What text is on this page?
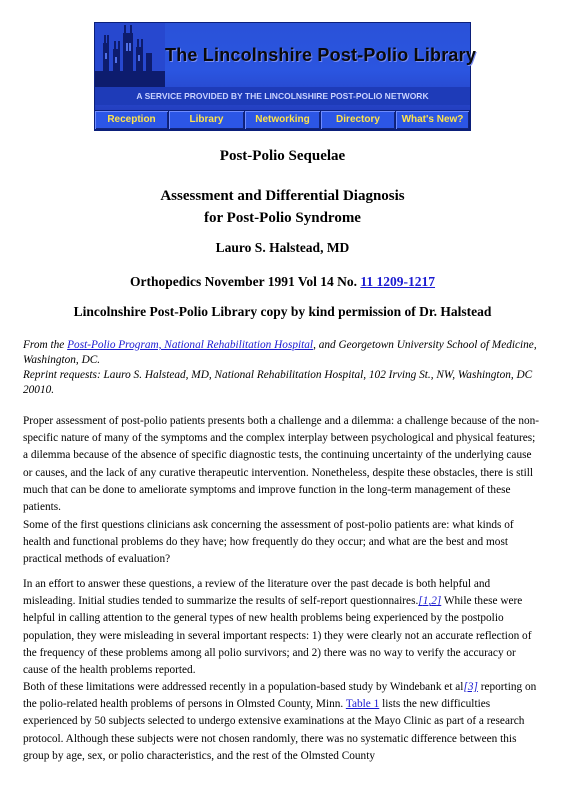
The Lincolnshire Post-Polio Library
A SERVICE PROVIDED BY THE LINCOLNSHIRE POST-POLIO NETWORK
Reception	Library	Networking	Directory	What's New?
Post-Polio Sequelae
Assessment and Differential Diagnosis
for Post-Polio Syndrome
Lauro S. Halstead, MD
Orthopedics November 1991 Vol 14 No. 11 1209-1217
Lincolnshire Post-Polio Library copy by kind permission of Dr. Halstead
From the Post-Polio Program, National Rehabilitation Hospital, and Georgetown University School of Medicine, Washington, DC.
Reprint requests: Lauro S. Halstead, MD, National Rehabilitation Hospital, 102 Irving St., NW, Washington, DC 20010.
Proper assessment of post-polio patients presents both a challenge and a dilemma: a challenge because of the non-specific nature of many of the symptoms and the complex interplay between psychological and physical features; a dilemma because of the absence of specific diagnostic tests, the continuing uncertainty of the underlying cause or causes, and the lack of any curative therapeutic intervention. Nonetheless, despite these obstacles, there is still much that can be done to ameliorate symptoms and improve function in the long-term management of these patients.
Some of the first questions clinicians ask concerning the assessment of post-polio patients are: what kinds of health and functional problems do they have; how frequently do they occur; and what are the best and most practical methods of evaluation?
In an effort to answer these questions, a review of the literature over the past decade is both helpful and misleading. Initial studies tended to summarize the results of self-report questionnaires.[1,2] While these were helpful in calling attention to the general types of new health problems being experienced by the postpolio population, they were misleading in several important respects: 1) they were clearly not an accurate reflection of the frequency of these problems among all polio survivors; and 2) there was no way to verify the accuracy or cause of the health problems reported.
Both of these limitations were addressed recently in a population-based study by Windebank et al[3] reporting on the polio-related health problems of persons in Olmsted County, Minn. Table 1 lists the new difficulties experienced by 50 subjects selected to undergo extensive examinations at the Mayo Clinic as part of a research protocol. Although these subjects were not chosen randomly, there was no systematic difference between this group by age, sex, or polio characteristics, and the rest of the Olmsted County
